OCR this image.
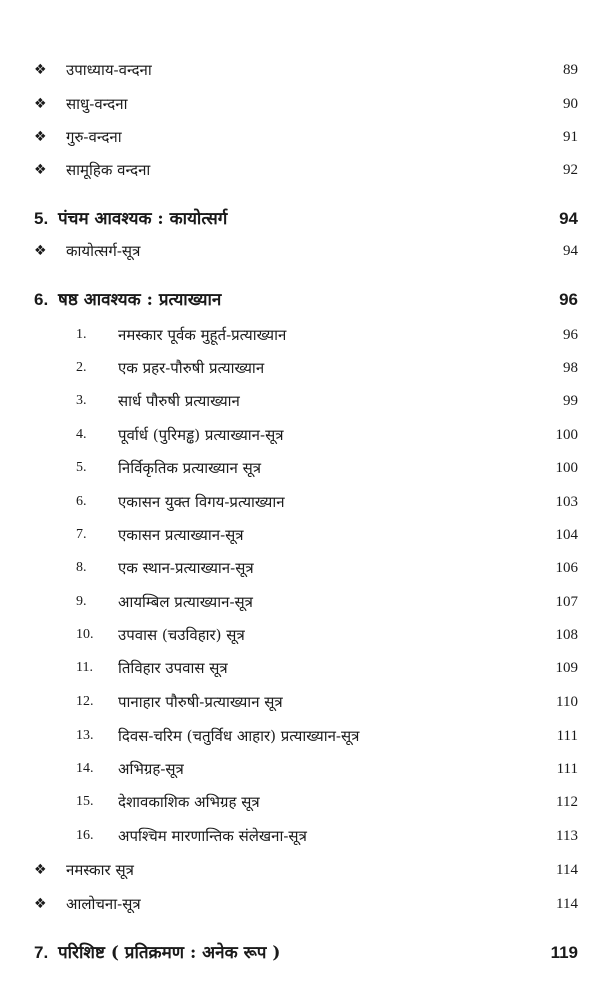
❖ उपाध्याय-वन्दना	89
❖ साधु-वन्दना	90
❖ गुरु-वन्दना	91
❖ सामूहिक वन्दना	92
5. पंचम आवश्यक : कायोत्सर्ग	94
❖ कायोत्सर्ग-सूत्र	94
6. षष्ठ आवश्यक : प्रत्याख्यान	96
1. नमस्कार पूर्वक मुहूर्त-प्रत्याख्यान	96
2. एक प्रहर-पौरुषी प्रत्याख्यान	98
3. सार्ध पौरुषी प्रत्याख्यान	99
4. पूर्वार्ध (पुरिमड्ढ) प्रत्याख्यान-सूत्र	100
5. निर्विकृतिक प्रत्याख्यान सूत्र	100
6. एकासन युक्त विगय-प्रत्याख्यान	103
7. एकासन प्रत्याख्यान-सूत्र	104
8. एक स्थान-प्रत्याख्यान-सूत्र	106
9. आयम्बिल प्रत्याख्यान-सूत्र	107
10. उपवास (चउविहार) सूत्र	108
11. तिविहार उपवास सूत्र	109
12. पानाहार पौरुषी-प्रत्याख्यान सूत्र	110
13. दिवस-चरिम (चतुर्विध आहार) प्रत्याख्यान-सूत्र	111
14. अभिग्रह-सूत्र	111
15. देशावकाशिक अभिग्रह सूत्र	112
16. अपश्चिम मारणान्तिक संलेखना-सूत्र	113
❖ नमस्कार सूत्र	114
❖ आलोचना-सूत्र	114
7. परिशिष्ट ( प्रतिक्रमण : अनेक रूप )	119
